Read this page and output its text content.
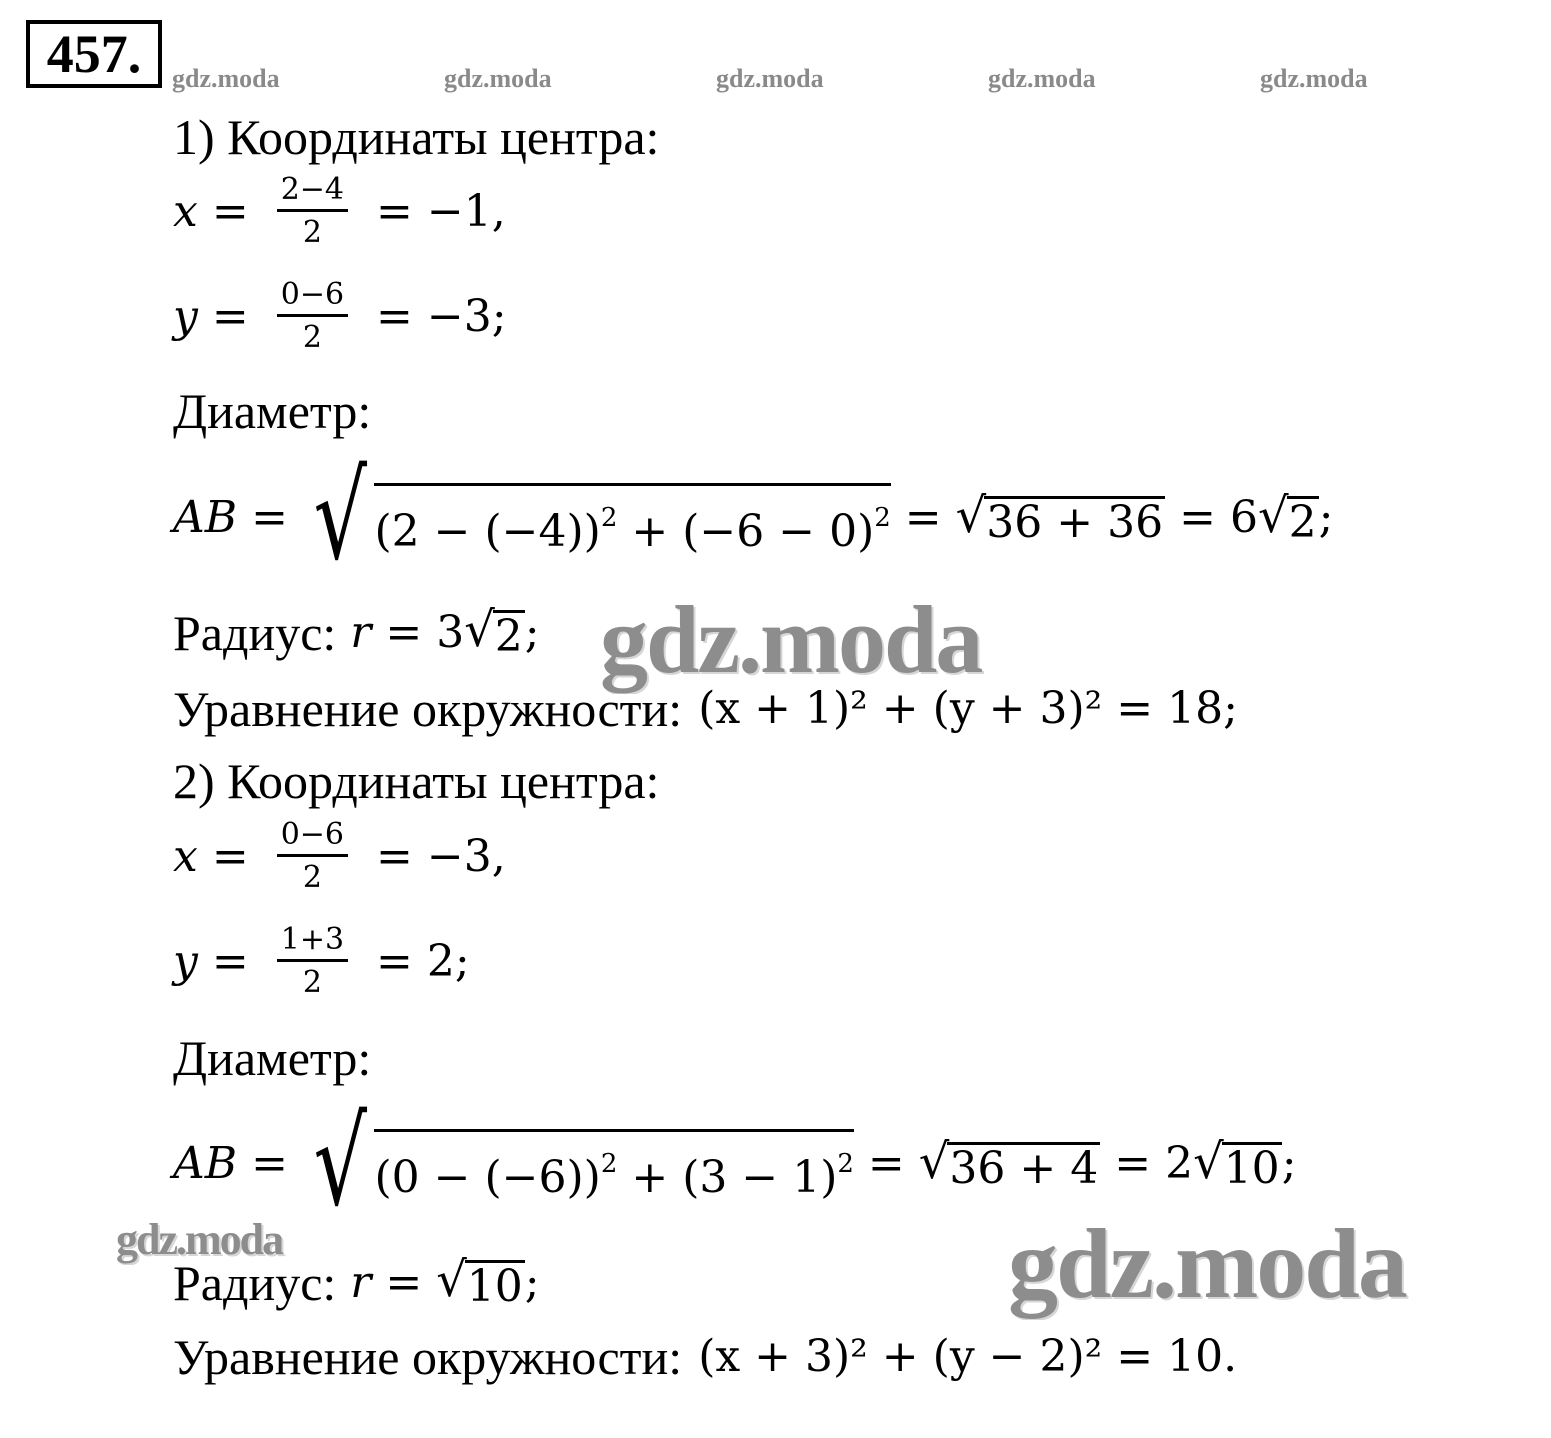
457. gdz.moda	gdz.moda	gdz.moda	gdz.moda	gdz.moda
1) Координаты центра:
$x = \frac{2-4}{2} = -1$,
$y = \frac{0-6}{2} = -3$;
Диаметр:
AB = √ $(2 - (-4))^2 + (-6 - 0)^2$ = √ 36 + 36 = 6 √ 2 ;
Радиус: r = 3 √ 2 ;
Уравнение окружности: (x + 1)² + (y + 3)² = 18;
gdz.moda
2) Координаты центра:
$x = \frac{0-6}{2} = -3$,
$y = \frac{1+3}{2} = 2$;
Диаметр:
AB = √ $(0 - (-6))^2 + (3 - 1)^2$ = √ 36 + 4 = 2 √ 10 ;
gdz.moda
Радиус: r = √ 10 ;	gdz.moda
Уравнение окружности: (x + 3)² + (y − 2)² = 10.
